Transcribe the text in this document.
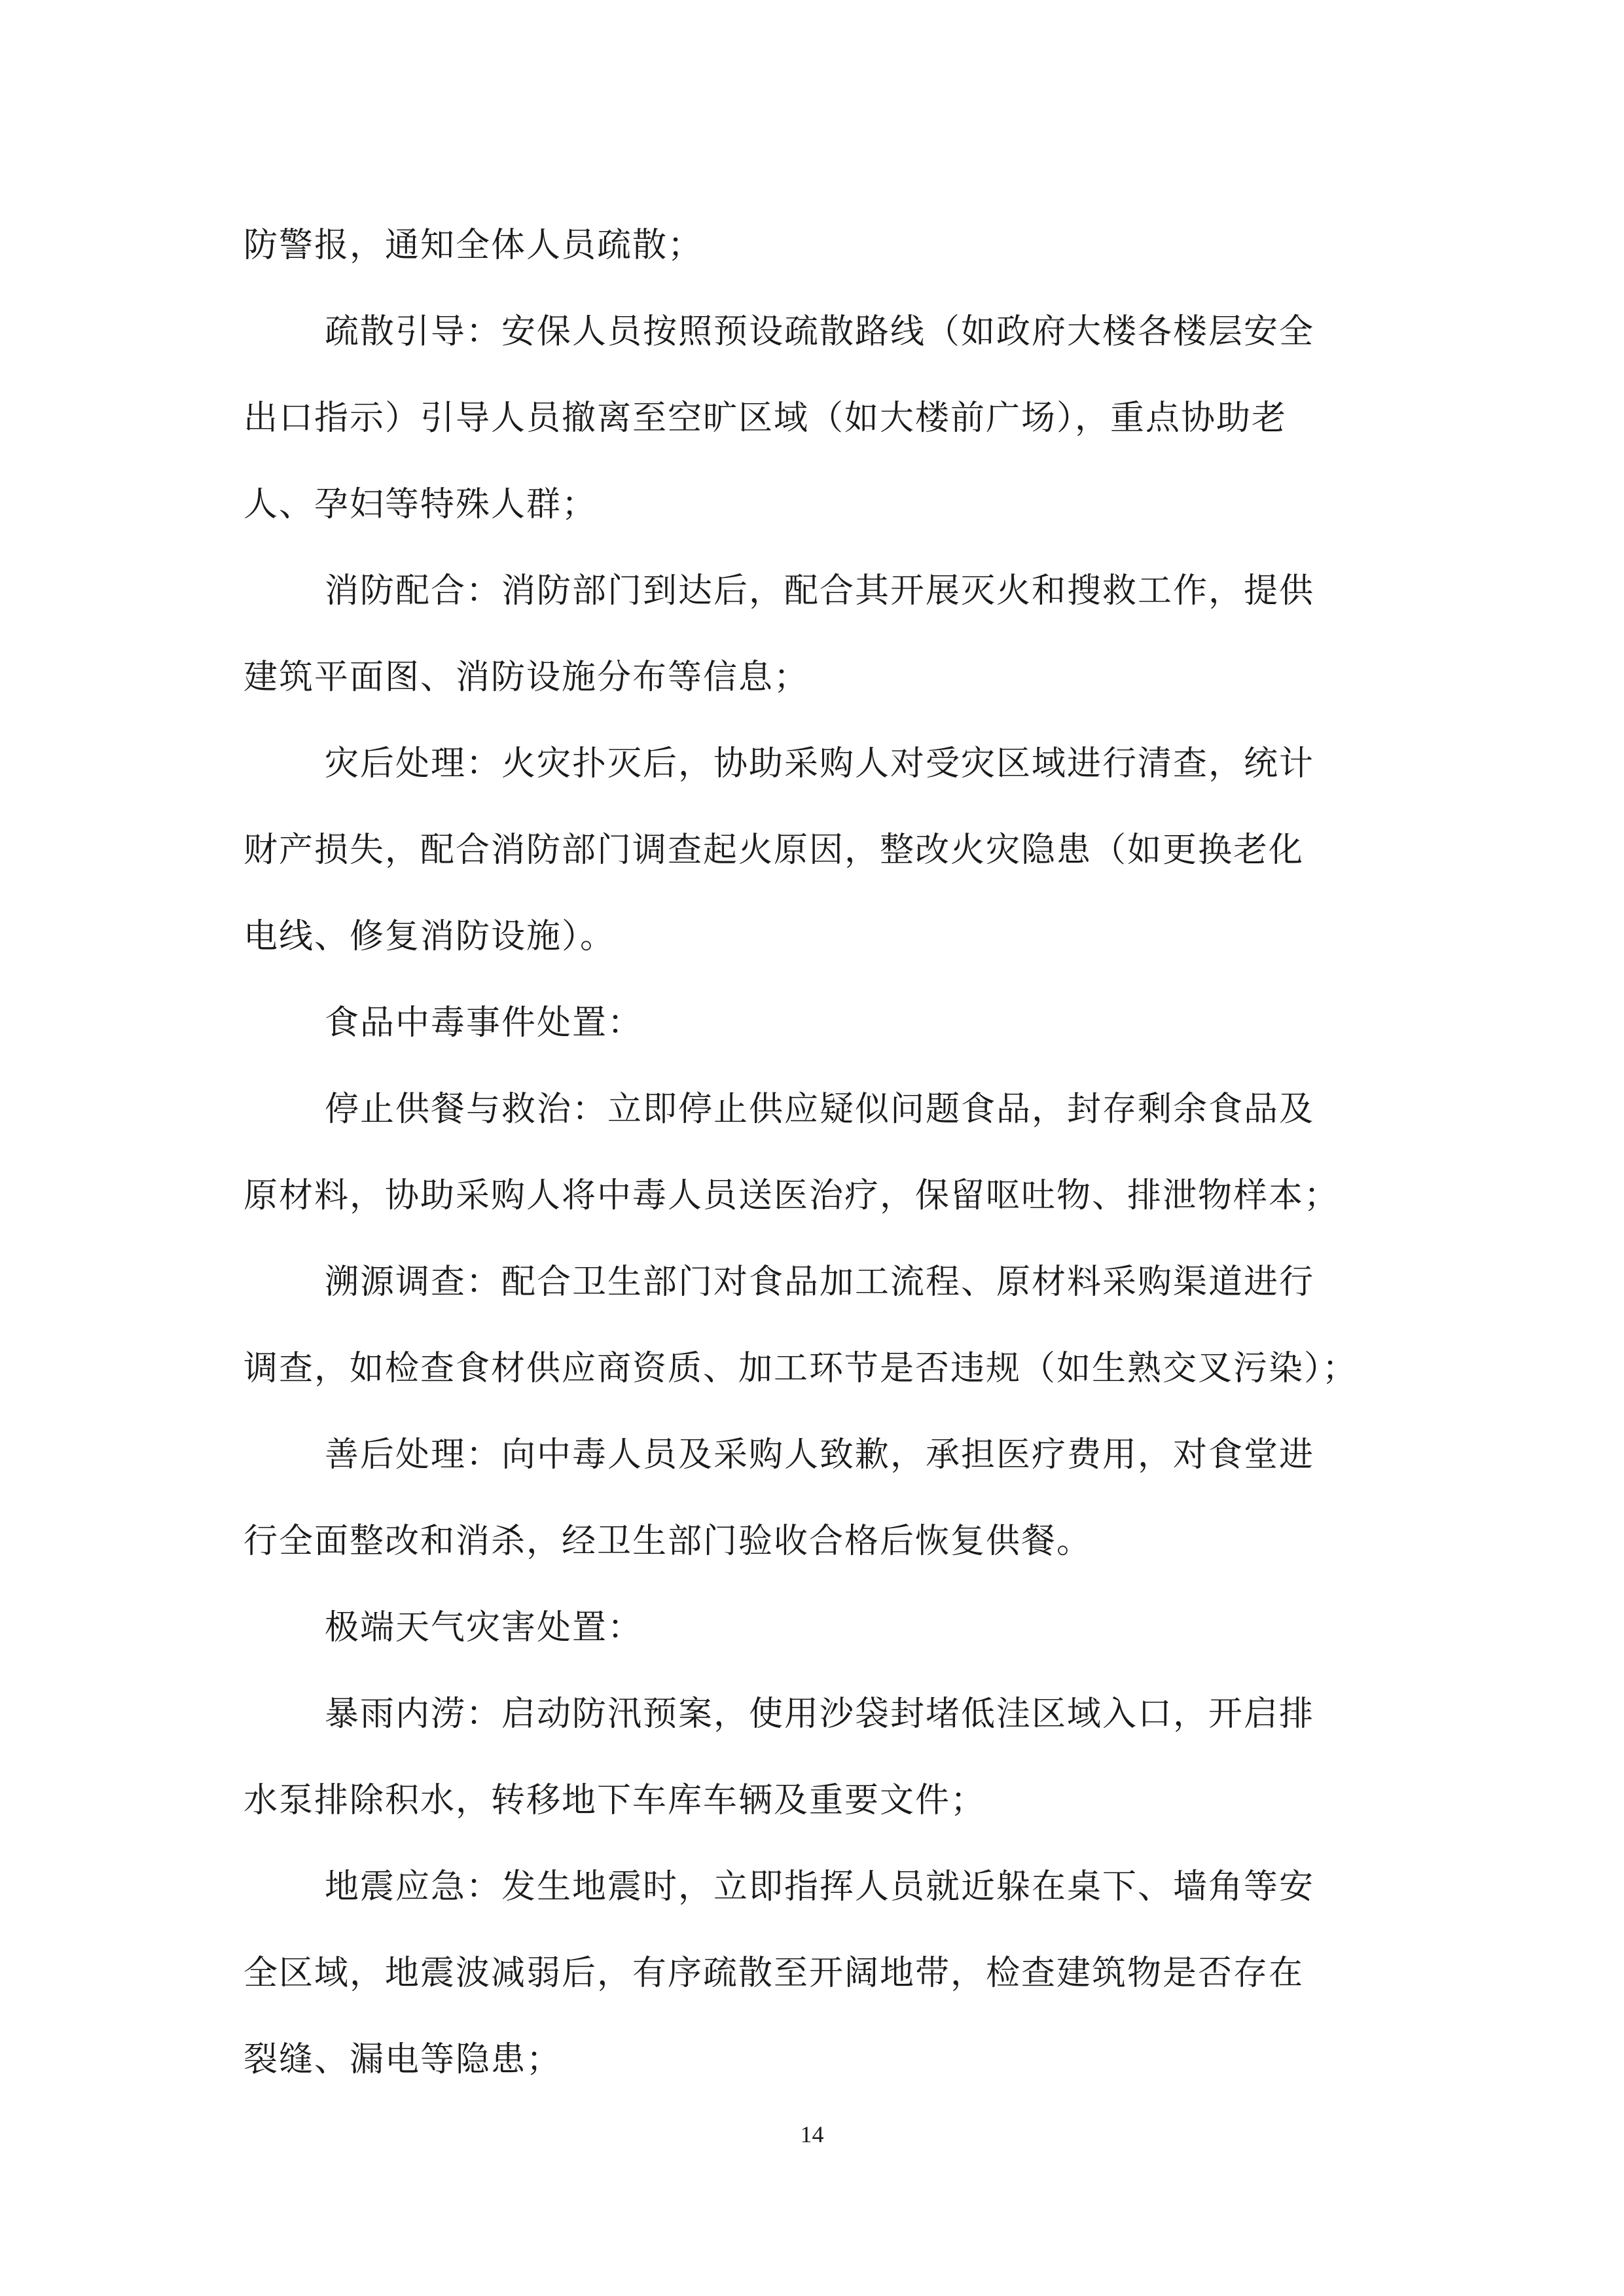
防警报，通知全体人员疏散；
疏散引导：安保人员按照预设疏散路线（如政府大楼各楼层安全
出口指示）引导人员撤离至空旷区域（如大楼前广场），重点协助老
人、孕妇等特殊人群；
消防配合：消防部门到达后，配合其开展灭火和搜救工作，提供
建筑平面图、消防设施分布等信息；
灾后处理：火灾扑灭后，协助采购人对受灾区域进行清查，统计
财产损失，配合消防部门调查起火原因，整改火灾隐患（如更换老化
电线、修复消防设施）。
食品中毒事件处置：
停止供餐与救治：立即停止供应疑似问题食品，封存剩余食品及
原材料，协助采购人将中毒人员送医治疗，保留呕吐物、排泄物样本；
溯源调查：配合卫生部门对食品加工流程、原材料采购渠道进行
调查，如检查食材供应商资质、加工环节是否违规（如生熟交叉污染）；
善后处理：向中毒人员及采购人致歉，承担医疗费用，对食堂进
行全面整改和消杀，经卫生部门验收合格后恢复供餐。
极端天气灾害处置：
暴雨内涝：启动防汛预案，使用沙袋封堵低洼区域入口，开启排
水泵排除积水，转移地下车库车辆及重要文件；
地震应急：发生地震时，立即指挥人员就近躲在桌下、墙角等安
全区域，地震波减弱后，有序疏散至开阔地带，检查建筑物是否存在
裂缝、漏电等隐患；
14
